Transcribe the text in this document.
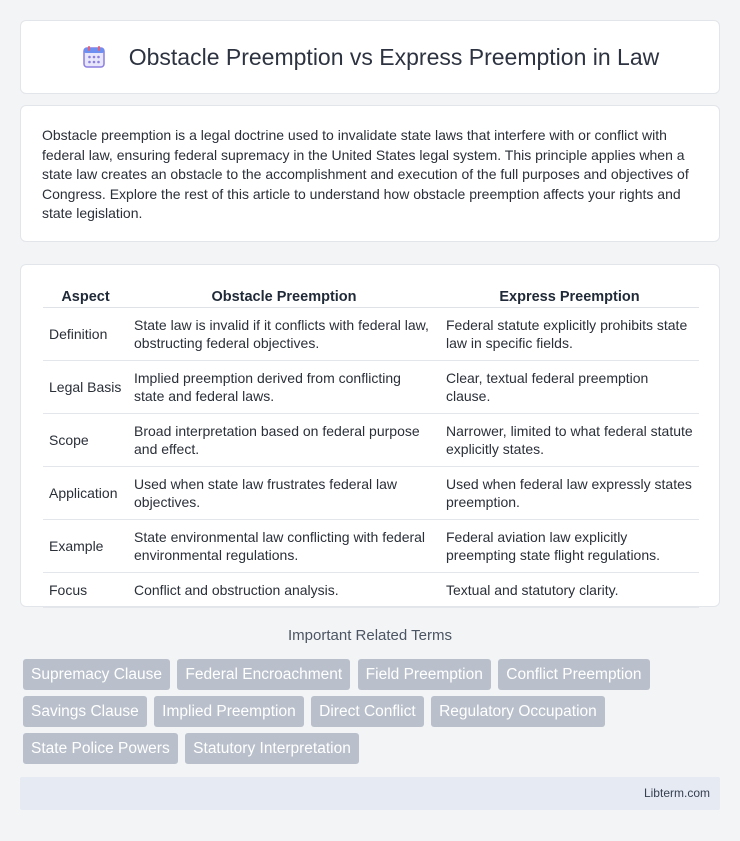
Obstacle Preemption vs Express Preemption in Law

Obstacle preemption is a legal doctrine used to invalidate state laws that interfere with or conflict with federal law, ensuring federal supremacy in the United States legal system. This principle applies when a state law creates an obstacle to the accomplishment and execution of the full purposes and objectives of Congress. Explore the rest of this article to understand how obstacle preemption affects your rights and state legislation.

Aspect	Obstacle Preemption	Express Preemption
Definition	State law is invalid if it conflicts with federal law, obstructing federal objectives.	Federal statute explicitly prohibits state law in specific fields.
Legal Basis	Implied preemption derived from conflicting state and federal laws.	Clear, textual federal preemption clause.
Scope	Broad interpretation based on federal purpose and effect.	Narrower, limited to what federal statute explicitly states.
Application	Used when state law frustrates federal law objectives.	Used when federal law expressly states preemption.
Example	State environmental law conflicting with federal environmental regulations.	Federal aviation law explicitly preempting state flight regulations.
Focus	Conflict and obstruction analysis.	Textual and statutory clarity.
Important Related Terms
Supremacy Clause Federal Encroachment Field Preemption Conflict Preemption Savings Clause Implied Preemption Direct Conflict Regulatory Occupation State Police Powers Statutory Interpretation
Libterm.com
